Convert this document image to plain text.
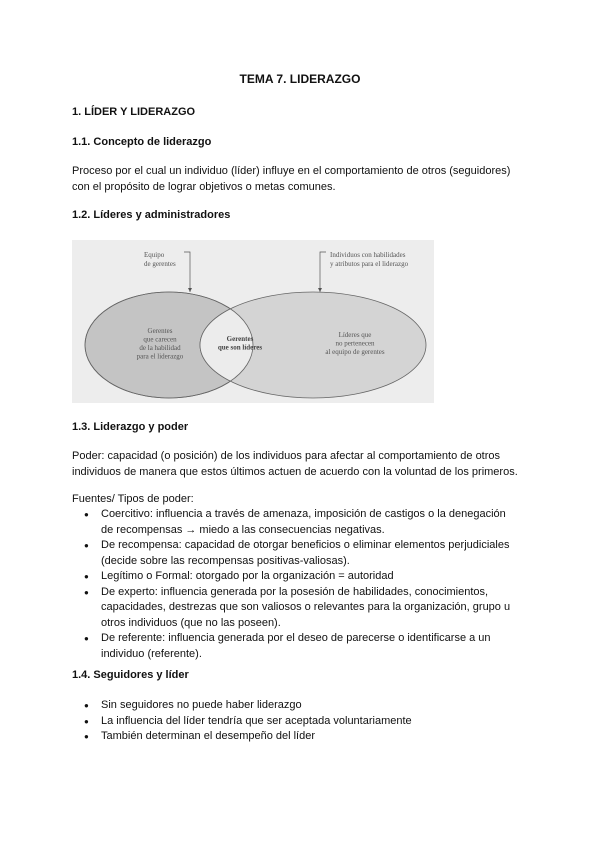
TEMA 7. LIDERAZGO
1. LÍDER Y LIDERAZGO
1.1. Concepto de liderazgo
Proceso por el cual un individuo (líder) influye en el comportamiento de otros (seguidores)
con el propósito de lograr objetivos o metas comunes.
1.2. Líderes y administradores
Equipo de gerentes
Individuos con habilidades y atributos para el liderazgo
Gerentes que carecen de la habilidad para el liderazgo
Gerentes que son líderes
Líderes que no pertenecen al equipo de gerentes
1.3. Liderazgo y poder
Poder: capacidad (o posición) de los individuos para afectar al comportamiento de otros
individuos de manera que estos últimos actuen de acuerdo con la voluntad de los primeros.
Fuentes/ Tipos de poder:
● Coercitivo: influencia a través de amenaza, imposición de castigos o la denegación
de recompensas → miedo a las consecuencias negativas.
● De recompensa: capacidad de otorgar beneficios o eliminar elementos perjudiciales
(decide sobre las recompensas positivas-valiosas).
● Legítimo o Formal: otorgado por la organización = autoridad
● De experto: influencia generada por la posesión de habilidades, conocimientos,
capacidades, destrezas que son valiosos o relevantes para la organización, grupo u
otros individuos (que no las poseen).
● De referente: influencia generada por el deseo de parecerse o identificarse a un
individuo (referente).
1.4. Seguidores y líder
● Sin seguidores no puede haber liderazgo
● La influencia del líder tendría que ser aceptada voluntariamente
● También determinan el desempeño del líder
